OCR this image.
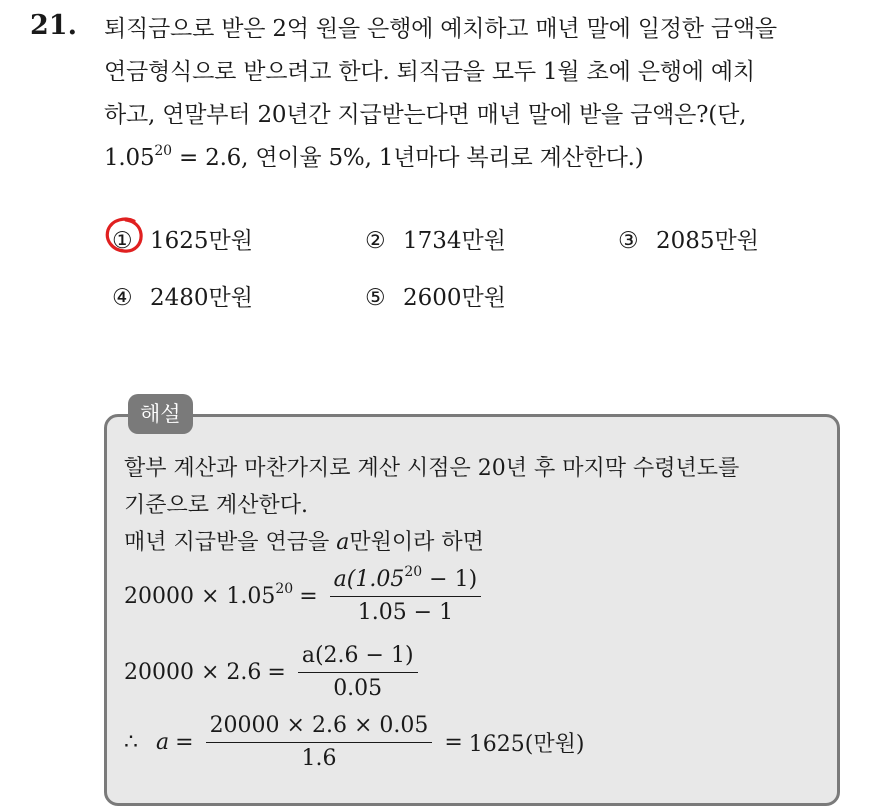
21. 퇴직금으로 받은 2억 원을 은행에 예치하고 매년 말에 일정한 금액을
연금형식으로 받으려고 한다. 퇴직금을 모두 1월 초에 은행에 예치
하고, 연말부터 20년간 지급받는다면 매년 말에 받을 금액은?(단,
$1.05^{20} = 2.6$, 연이율 5%, 1년마다 복리로 계산한다.)
① 1625만원	② 1734만원	③ 2085만원
④ 2480만원	⑤ 2600만원
해설
할부 계산과 마찬가지로 계산 시점은 20년 후 마지막 수령년도를
기준으로 계산한다.
매년 지급받을 연금을 a만원이라 하면
$20000 \times 1.05^{20} = \frac{a(1.05^{20} - 1)}{1.05 - 1}$
$20000 \times 2.6 = \frac{a(2.6 - 1)}{0.05}$
∴ $a = \frac{20000 \times 2.6 \times 0.05}{1.6} = 1625$(만원)
